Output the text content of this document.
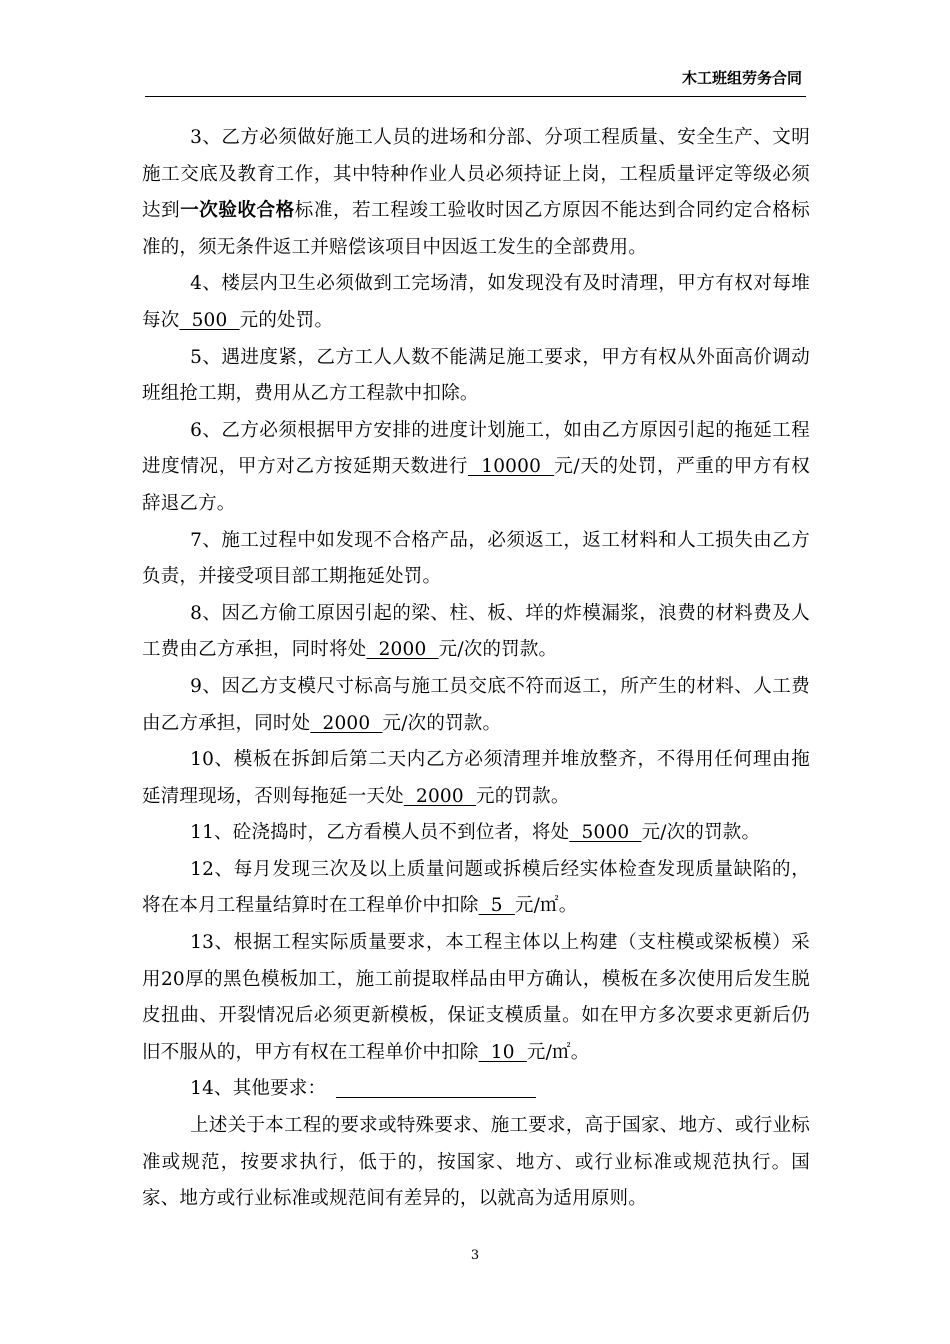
木工班组劳务合同

3、乙方必须做好施工人员的进场和分部、分项工程质量、安全生产、文明施工交底及教育工作，其中特种作业人员必须持证上岗，工程质量评定等级必须达到一次验收合格标准，若工程竣工验收时因乙方原因不能达到合同约定合格标准的，须无条件返工并赔偿该项目中因返工发生的全部费用。

4、楼层内卫生必须做到工完场清，如发现没有及时清理，甲方有权对每堆每次  500  元的处罚。

5、遇进度紧，乙方工人人数不能满足施工要求，甲方有权从外面高价调动班组抢工期，费用从乙方工程款中扣除。

6、乙方必须根据甲方安排的进度计划施工，如由乙方原因引起的拖延工程进度情况，甲方对乙方按延期天数进行  10000  元/天的处罚，严重的甲方有权辞退乙方。

7、施工过程中如发现不合格产品，必须返工，返工材料和人工损失由乙方负责，并接受项目部工期拖延处罚。

8、因乙方偷工原因引起的梁、柱、板、垟的炸模漏浆，浪费的材料费及人工费由乙方承担，同时将处  2000  元/次的罚款。

9、因乙方支模尺寸标高与施工员交底不符而返工，所产生的材料、人工费由乙方承担，同时处  2000  元/次的罚款。

10、模板在拆卸后第二天内乙方必须清理并堆放整齐，不得用任何理由拖延清理现场，否则每拖延一天处  2000  元的罚款。

11、砼浇捣时，乙方看模人员不到位者，将处  5000  元/次的罚款。

12、每月发现三次及以上质量问题或拆模后经实体检查发现质量缺陷的，将在本月工程量结算时在工程单价中扣除  5  元/㎡。

13、根据工程实际质量要求，本工程主体以上构建（支柱模或梁板模）采用20厚的黑色模板加工，施工前提取样品由甲方确认，模板在多次使用后发生脱皮扭曲、开裂情况后必须更新模板，保证支模质量。如在甲方多次要求更新后仍旧不服从的，甲方有权在工程单价中扣除  10  元/㎡。

14、其他要求：

上述关于本工程的要求或特殊要求、施工要求，高于国家、地方、或行业标准或规范，按要求执行，低于的，按国家、地方、或行业标准或规范执行。国家、地方或行业标准或规范间有差异的，以就高为适用原则。

3
